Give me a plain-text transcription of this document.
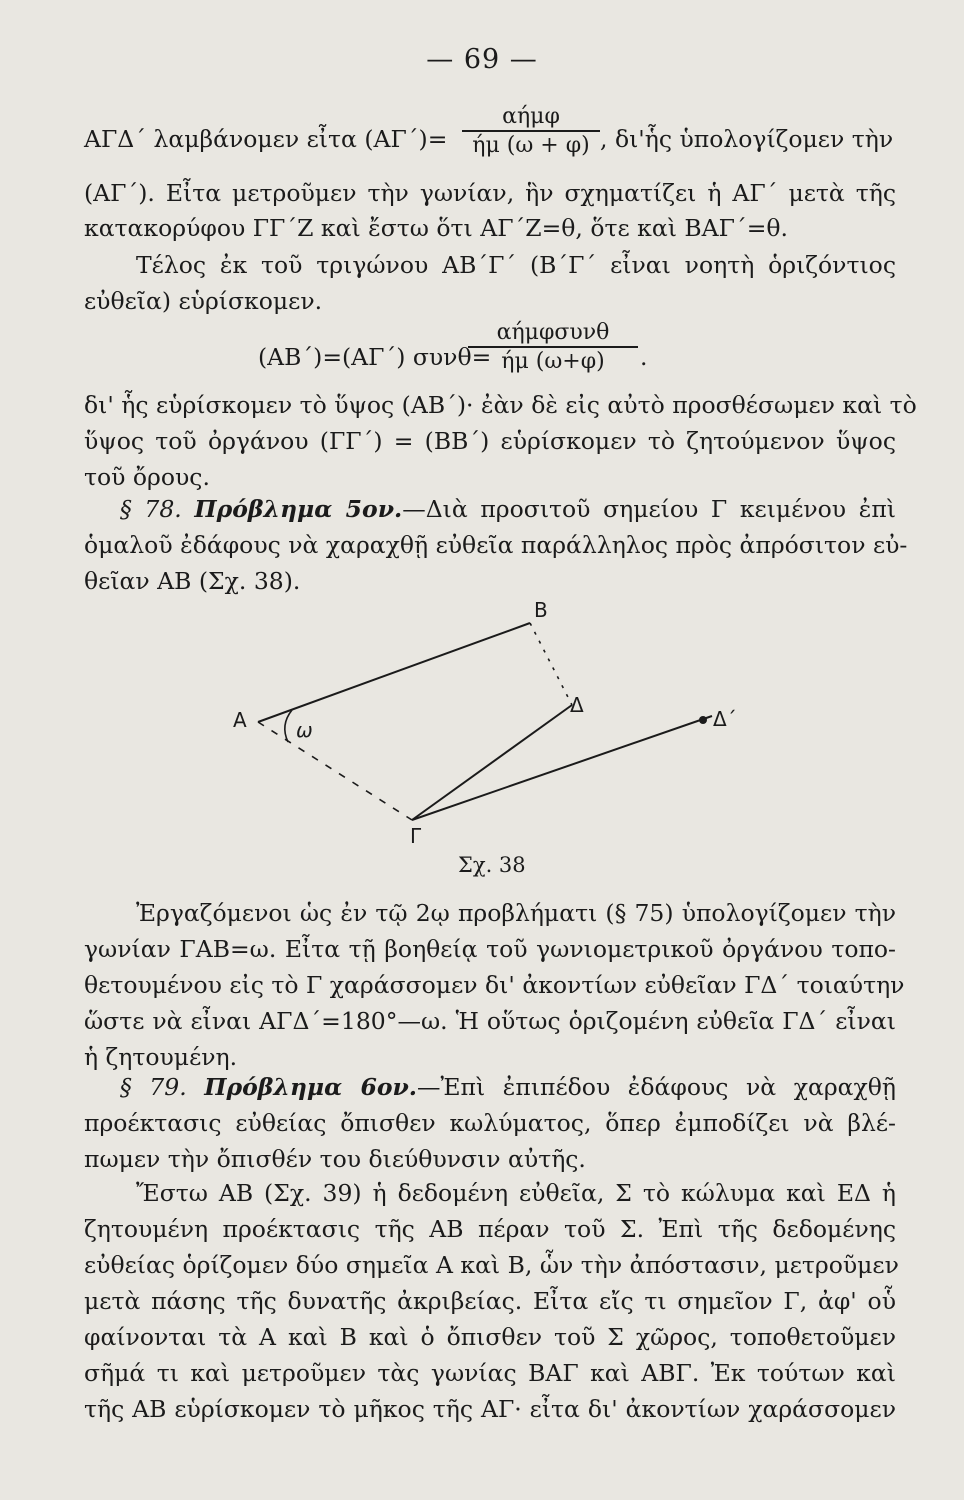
— 69 —
ΑΓΔ΄ λαμβάνομεν εἶτα (ΑΓ΄)=
αήμφ
ήμ (ω + φ) , δι'ἧς ὑπολογίζομεν τὴν
(ΑΓ΄). Εἶτα μετροῦμεν τὴν γωνίαν, ἣν σχηματίζει ἡ ΑΓ΄ μετὰ τῆς
κατακορύφου ΓΓ΄Ζ καὶ ἔστω ὅτι ΑΓ΄Ζ=θ, ὅτε καὶ ΒΑΓ΄=θ.
Τέλος ἐκ τοῦ τριγώνου ΑΒ΄Γ΄ (Β΄Γ΄ εἶναι νοητὴ ὁριζόντιος
εὐθεῖα) εὑρίσκομεν.
(ΑΒ΄)=(ΑΓ΄) συνθ=
αήμφσυνθ
ήμ (ω+φ)	.
δι' ἧς εὑρίσκομεν τὸ ὕψος (ΑΒ΄)· ἐὰν δὲ εἰς αὐτὸ προσθέσωμεν καὶ τὸ
ὕψος τοῦ ὀργάνου (ΓΓ΄) = (ΒΒ΄) εὑρίσκομεν τὸ ζητούμενον ὕψος
τοῦ ὄρους.
§ 78. Πρόβλημα 5ον.—Διὰ προσιτοῦ σημείου Γ κειμένου ἐπὶ
ὁμαλοῦ ἐδάφους νὰ χαραχθῇ εὐθεῖα παράλληλος πρὸς ἀπρόσιτον εὐ-
θεῖαν ΑΒ (Σχ. 38).
Β
Α ω
Δ
Δ΄
Γ
Σχ. 38
Ἐργαζόμενοι ὡς ἐν τῷ 2ῳ προβλήματι (§ 75) ὑπολογίζομεν τὴν
γωνίαν ΓΑΒ=ω. Εἶτα τῇ βοηθείᾳ τοῦ γωνιομετρικοῦ ὀργάνου τοπο-
θετουμένου εἰς τὸ Γ χαράσσομεν δι' ἀκοντίων εὐθεῖαν ΓΔ΄ τοιαύτην
ὥστε νὰ εἶναι ΑΓΔ΄=180°—ω. Ἡ οὕτως ὁριζομένη εὐθεῖα ΓΔ΄ εἶναι
ἡ ζητουμένη.
§ 79. Πρόβλημα 6ον.—Ἐπὶ ἐπιπέδου ἐδάφους νὰ χαραχθῇ
προέκτασις εὐθείας ὄπισθεν κωλύματος, ὅπερ ἐμποδίζει νὰ βλέ-
πωμεν τὴν ὄπισθέν του διεύθυνσιν αὐτῆς.
Ἔστω ΑΒ (Σχ. 39) ἡ δεδομένη εὐθεῖα, Σ τὸ κώλυμα καὶ ΕΔ ἡ
ζητουμένη προέκτασις τῆς ΑΒ πέραν τοῦ Σ. Ἐπὶ τῆς δεδομένης
εὐθείας ὁρίζομεν δύο σημεῖα Α καὶ Β, ὧν τὴν ἀπόστασιν, μετροῦμεν
μετὰ πάσης τῆς δυνατῆς ἀκριβείας. Εἶτα εἴς τι σημεῖον Γ, ἀφ' οὗ
φαίνονται τὰ Α καὶ Β καὶ ὁ ὄπισθεν τοῦ Σ χῶρος, τοποθετοῦμεν
σῆμά τι καὶ μετροῦμεν τὰς γωνίας ΒΑΓ καὶ ΑΒΓ. Ἐκ τούτων καὶ
τῆς ΑΒ εὑρίσκομεν τὸ μῆκος τῆς ΑΓ· εἶτα δι' ἀκοντίων χαράσσομεν
